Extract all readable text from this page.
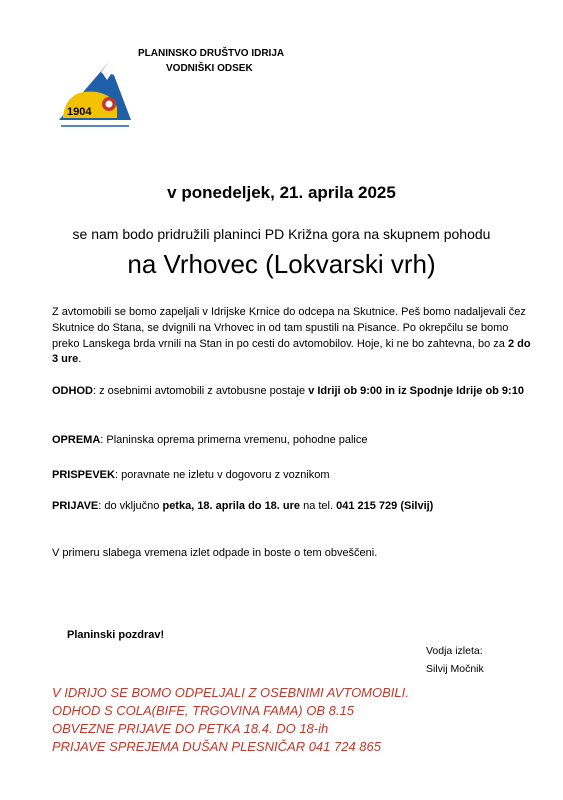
1904
PLANINSKO DRUŠTVO IDRIJA
VODNIŠKI ODSEK
v ponedeljek, 21. aprila 2025
se nam bodo pridružili planinci PD Križna gora na skupnem pohodu
na Vrhovec (Lokvarski vrh)
Z avtomobili se bomo zapeljali v Idrijske Krnice do odcepa na Skutnice. Peš bomo nadaljevali čez Skutnice do Stana, se dvignili na Vrhovec in od tam spustili na Pisance. Po okrepčilu se bomo preko Lanskega brda vrnili na Stan in po cesti do avtomobilov. Hoje, ki ne bo zahtevna, bo za 2 do 3 ure.
ODHOD: z osebnimi avtomobili z avtobusne postaje v Idriji ob 9:00 in iz Spodnje Idrije ob 9:10
OPREMA: Planinska oprema primerna vremenu, pohodne palice
PRISPEVEK: poravnate ne izletu v dogovoru z voznikom
PRIJAVE: do vključno petka, 18. aprila do 18. ure na tel. 041 215 729 (Silvij)
V primeru slabega vremena izlet odpade in boste o tem obveščeni.
Planinski pozdrav!
Vodja izleta:
Silvij Močnik
V IDRIJO SE BOMO ODPELJALI Z OSEBNIMI AVTOMOBILI.
ODHOD S COLA(BIFE, TRGOVINA FAMA) OB 8.15
OBVEZNE PRIJAVE DO PETKA 18.4. DO 18-ih
PRIJAVE SPREJEMA DUŠAN PLESNIČAR 041 724 865
